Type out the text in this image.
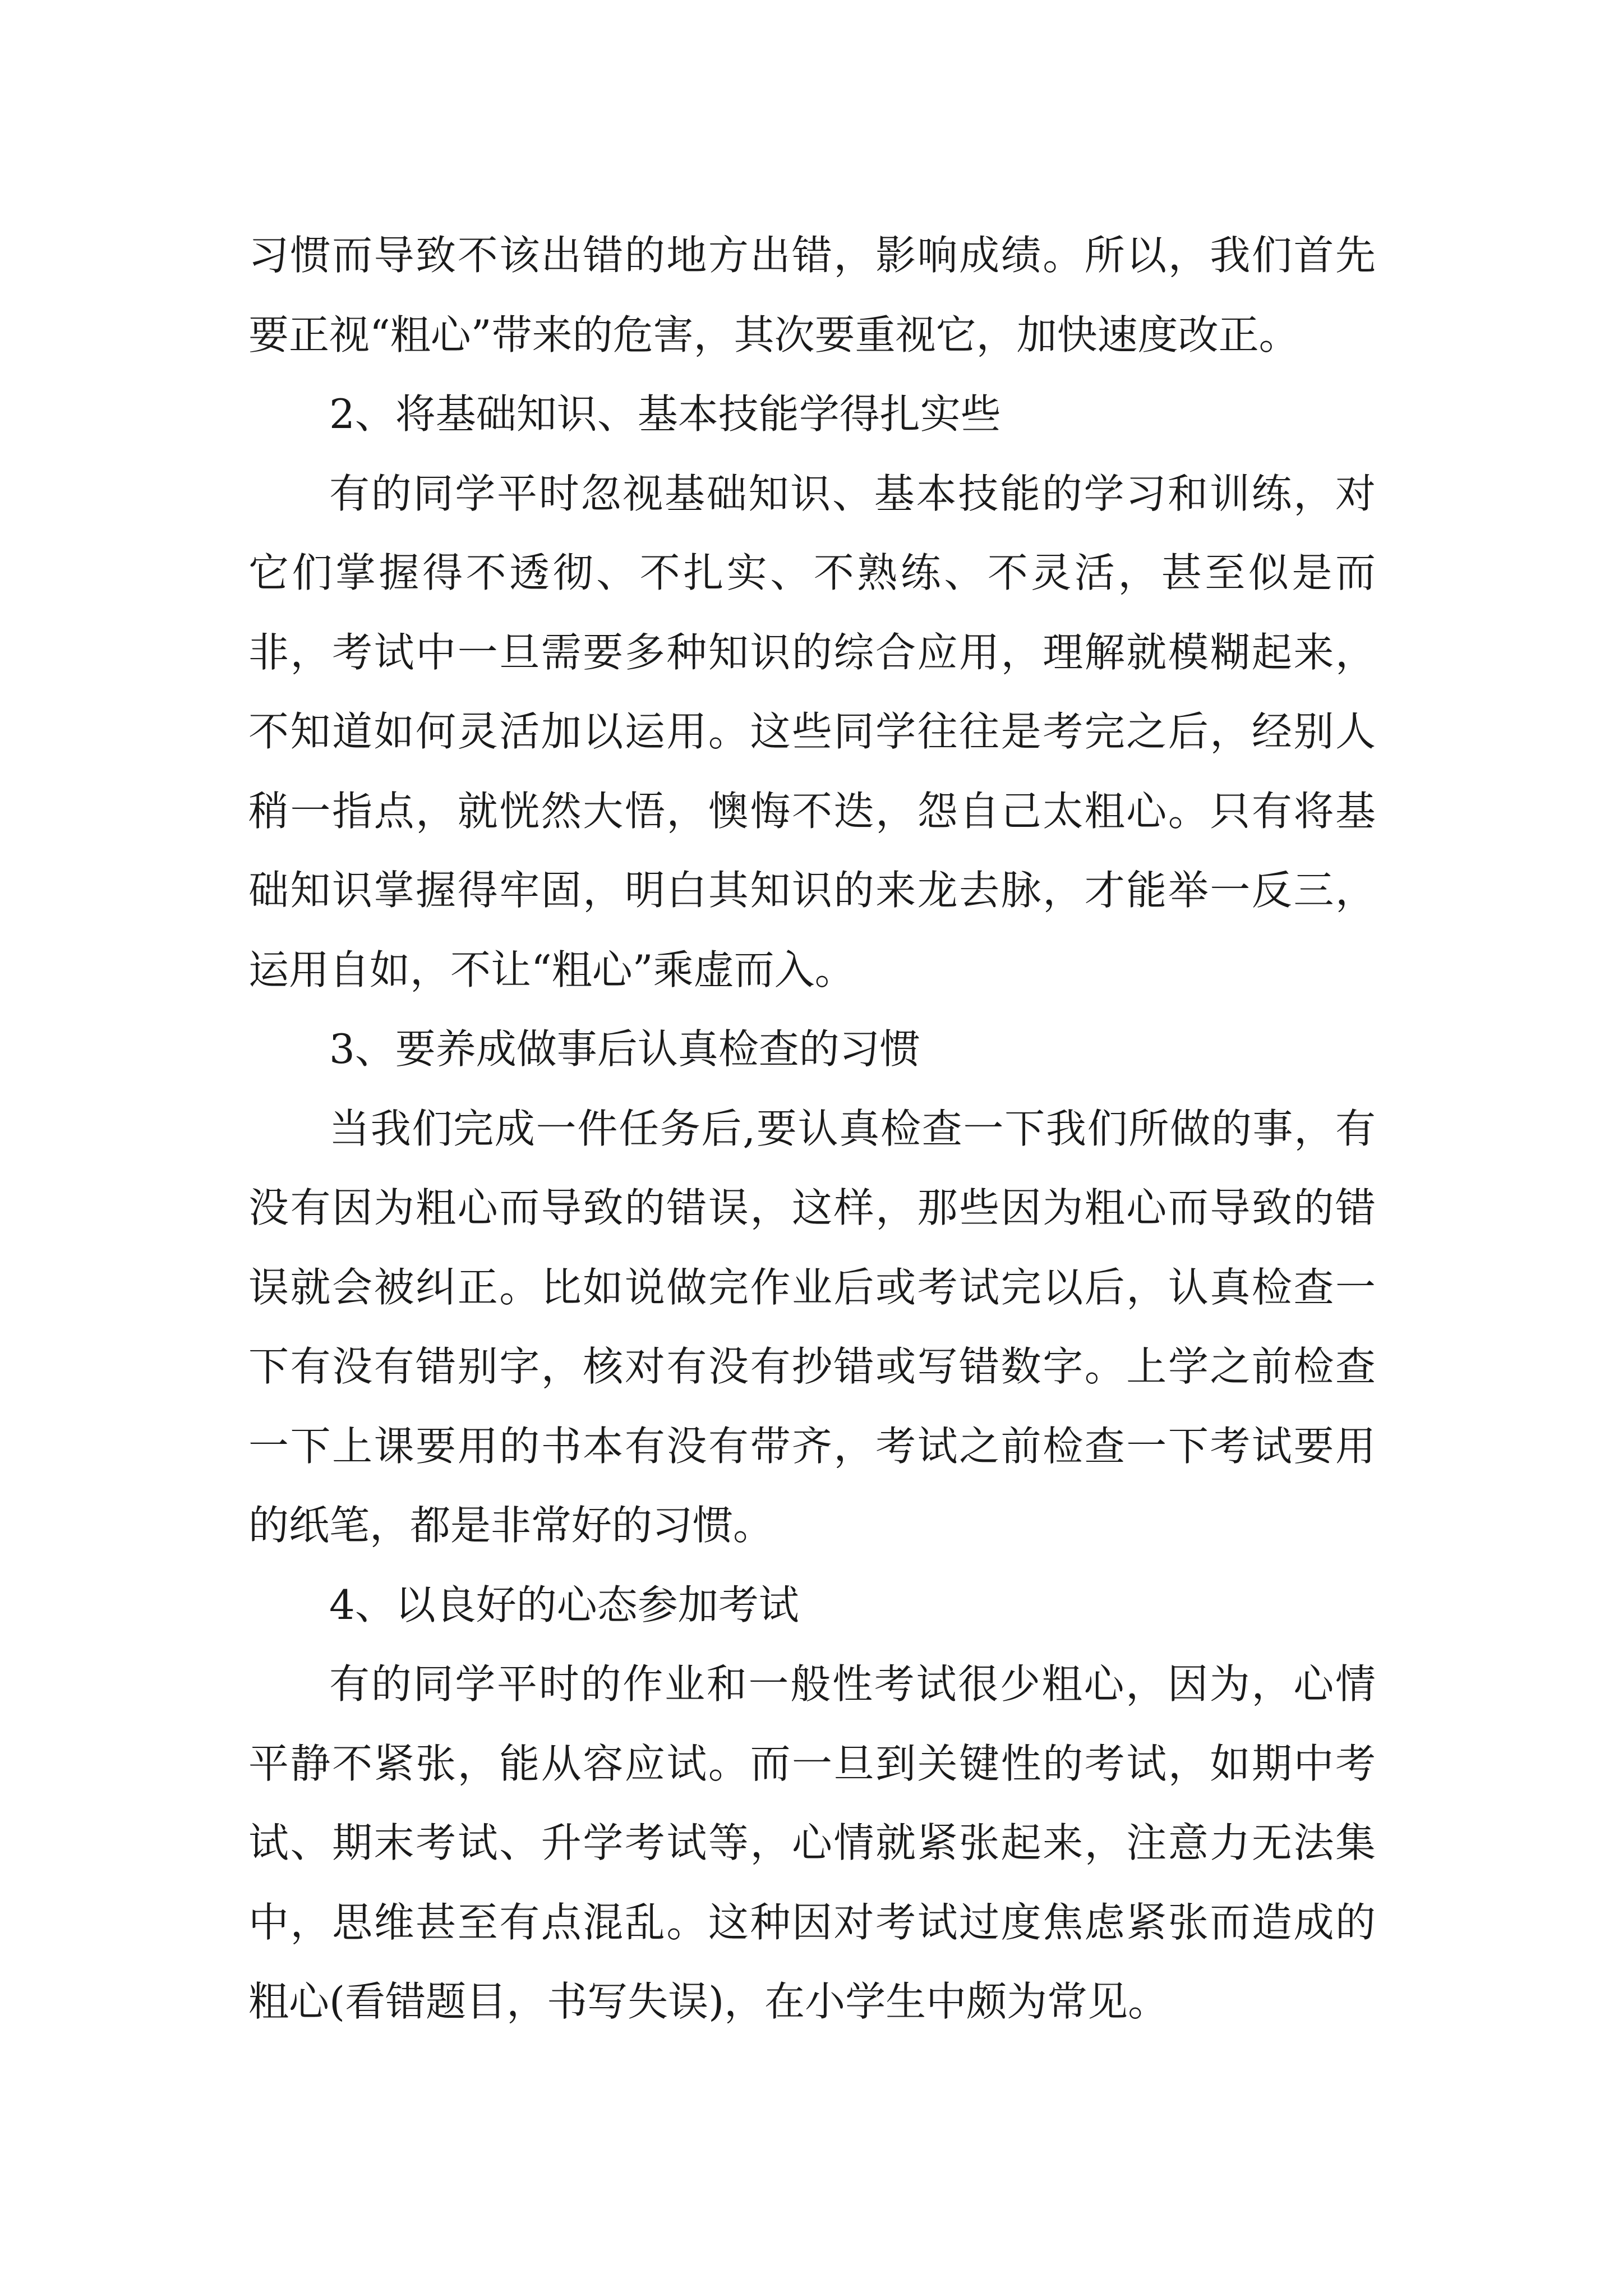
习惯而导致不该出错的地方出错，影响成绩。所以，我们首先要正视“粗心”带来的危害，其次要重视它，加快速度改正。

2、将基础知识、基本技能学得扎实些

有的同学平时忽视基础知识、基本技能的学习和训练，对它们掌握得不透彻、不扎实、不熟练、不灵活，甚至似是而非，考试中一旦需要多种知识的综合应用，理解就模糊起来，不知道如何灵活加以运用。这些同学往往是考完之后，经别人稍一指点，就恍然大悟，懊悔不迭，怨自己太粗心。只有将基础知识掌握得牢固，明白其知识的来龙去脉，才能举一反三，运用自如，不让“粗心”乘虚而入。

3、要养成做事后认真检查的习惯

当我们完成一件任务后,要认真检查一下我们所做的事，有没有因为粗心而导致的错误，这样，那些因为粗心而导致的错误就会被纠正。比如说做完作业后或考试完以后，认真检查一下有没有错别字，核对有没有抄错或写错数字。上学之前检查一下上课要用的书本有没有带齐，考试之前检查一下考试要用的纸笔，都是非常好的习惯。

4、以良好的心态参加考试

有的同学平时的作业和一般性考试很少粗心，因为，心情平静不紧张，能从容应试。而一旦到关键性的考试，如期中考试、期末考试、升学考试等，心情就紧张起来，注意力无法集中，思维甚至有点混乱。这种因对考试过度焦虑紧张而造成的粗心(看错题目，书写失误)，在小学生中颇为常见。
